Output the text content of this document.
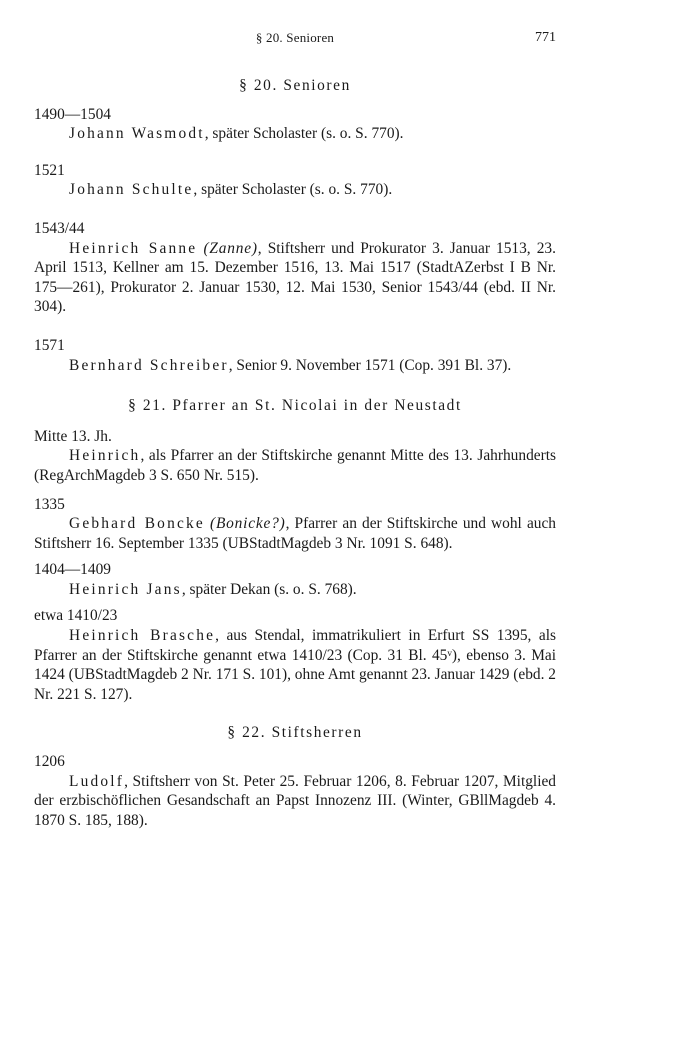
§ 20. Senioren	771
§ 20. Senioren
1490—1504
Johann Wasmodt, später Scholaster (s. o. S. 770).
1521
Johann Schulte, später Scholaster (s. o. S. 770).
1543/44
Heinrich Sanne (Zanne), Stiftsherr und Prokurator 3. Januar 1513, 23. April 1513, Kellner am 15. Dezember 1516, 13. Mai 1517 (StadtAZerbst I B Nr. 175—261), Prokurator 2. Januar 1530, 12. Mai 1530, Senior 1543/44 (ebd. II Nr. 304).
1571
Bernhard Schreiber, Senior 9. November 1571 (Cop. 391 Bl. 37).
§ 21. Pfarrer an St. Nicolai in der Neustadt
Mitte 13. Jh.
Heinrich, als Pfarrer an der Stiftskirche genannt Mitte des 13. Jahrhunderts (RegArchMagdeb 3 S. 650 Nr. 515).
1335
Gebhard Boncke (Bonicke?), Pfarrer an der Stiftskirche und wohl auch Stiftsherr 16. September 1335 (UBStadtMagdeb 3 Nr. 1091 S. 648).
1404—1409
Heinrich Jans, später Dekan (s. o. S. 768).
etwa 1410/23
Heinrich Brasche, aus Stendal, immatrikuliert in Erfurt SS 1395, als Pfarrer an der Stiftskirche genannt etwa 1410/23 (Cop. 31 Bl. 45ᵛ), ebenso 3. Mai 1424 (UBStadtMagdeb 2 Nr. 171 S. 101), ohne Amt genannt 23. Januar 1429 (ebd. 2 Nr. 221 S. 127).
§ 22. Stiftsherren
1206
Ludolf, Stiftsherr von St. Peter 25. Februar 1206, 8. Februar 1207, Mitglied der erzbischöflichen Gesandschaft an Papst Innozenz III. (Winter, GBllMagdeb 4. 1870 S. 185, 188).
